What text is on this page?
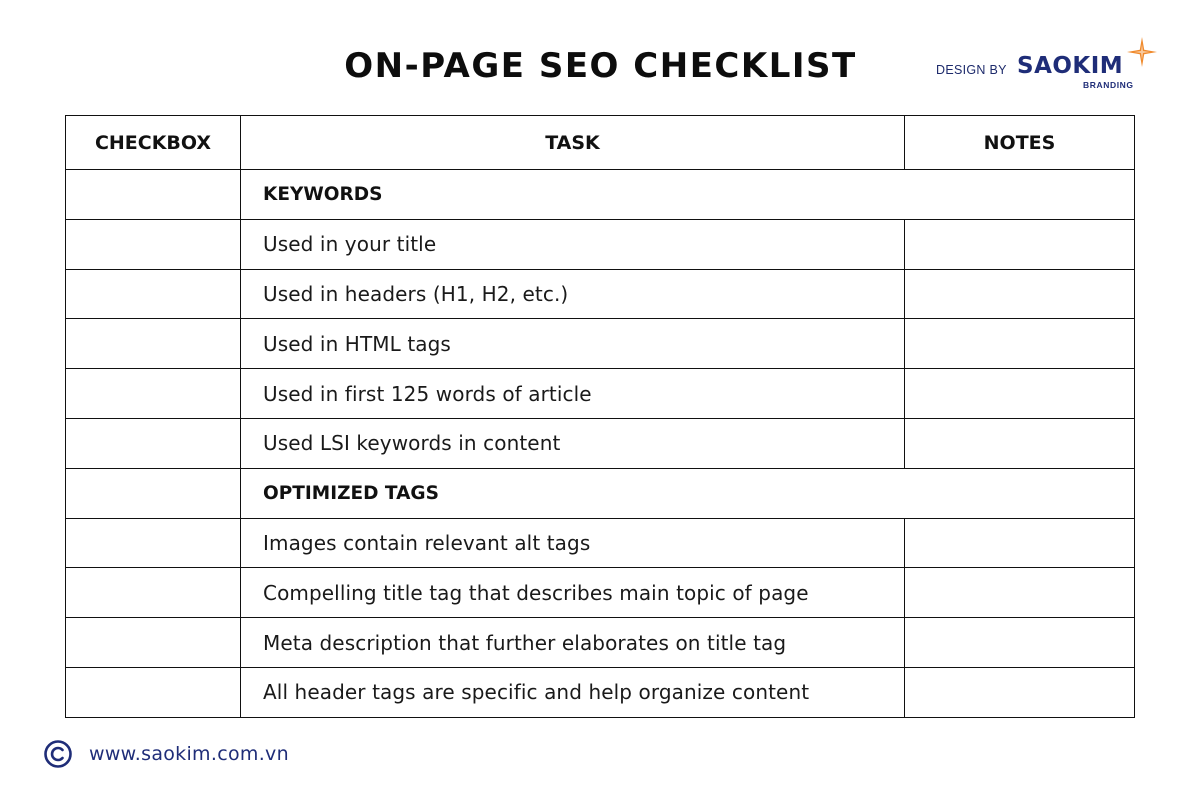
ON-PAGE SEO CHECKLIST	DESIGN BY SAOKIM
BRANDING
CHECKBOX	TASK	NOTES
	KEYWORDS	
	Used in your title	
	Used in headers (H1, H2, etc.)	
	Used in HTML tags	
	Used in first 125 words of article	
	Used LSI keywords in content	
	OPTIMIZED TAGS	
	Images contain relevant alt tags	
	Compelling title tag that describes main topic of page	
	Meta description that further elaborates on title tag	
	All header tags are specific and help organize content	
www.saokim.com.vn
